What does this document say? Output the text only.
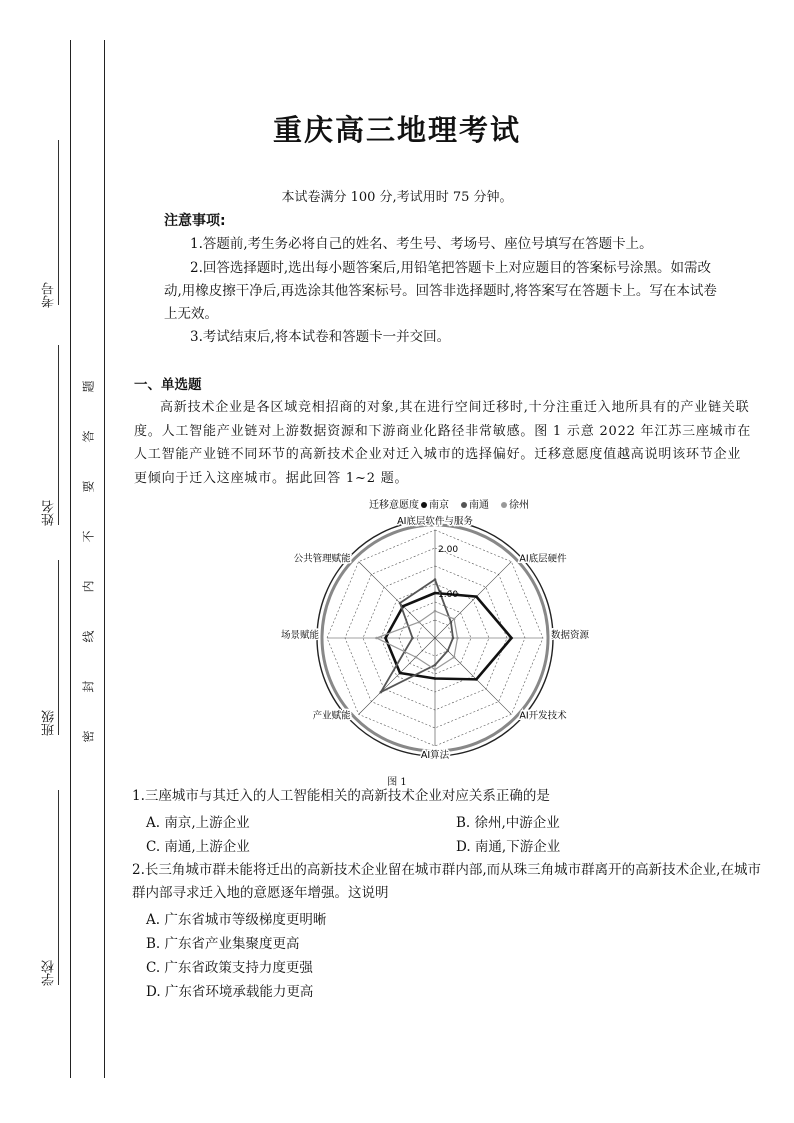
考号
姓名
班级
学校
题
答
要
不
内
线
封
密
重庆高三地理考试
本试卷满分 100 分,考试用时 75 分钟。
注意事项:
1.答题前,考生务必将自己的姓名、考生号、考场号、座位号填写在答题卡上。
2.回答选择题时,选出每小题答案后,用铅笔把答题卡上对应题目的答案标号涂黑。如需改动,用橡皮擦干净后,再选涂其他答案标号。回答非选择题时,将答案写在答题卡上。写在本试卷上无效。
3.考试结束后,将本试卷和答题卡一并交回。
一、单选题
高新技术企业是各区域竞相招商的对象,其在进行空间迁移时,十分注重迁入地所具有的产业链关联度。人工智能产业链对上游数据资源和下游商业化路径非常敏感。图 1 示意 2022 年江苏三座城市在人工智能产业链不同环节的高新技术企业对迁入城市的选择偏好。迁移意愿度值越高说明该环节企业更倾向于迁入这座城市。据此回答 1~2 题。
迁移意愿度 南京 南通 徐州
1.00
2.00
AI底层软件与服务
AI底层硬件
数据资源
AI开发技术
AI算法
产业赋能
场景赋能
公共管理赋能
图 1
1.三座城市与其迁入的人工智能相关的高新技术企业对应关系正确的是
A. 南京,上游企业	B. 徐州,中游企业
C. 南通,上游企业	D. 南通,下游企业
2.长三角城市群未能将迁出的高新技术企业留在城市群内部,而从珠三角城市群离开的高新技术企业,在城市群内部寻求迁入地的意愿逐年增强。这说明
A. 广东省城市等级梯度更明晰
B. 广东省产业集聚度更高
C. 广东省政策支持力度更强
D. 广东省环境承载能力更高
